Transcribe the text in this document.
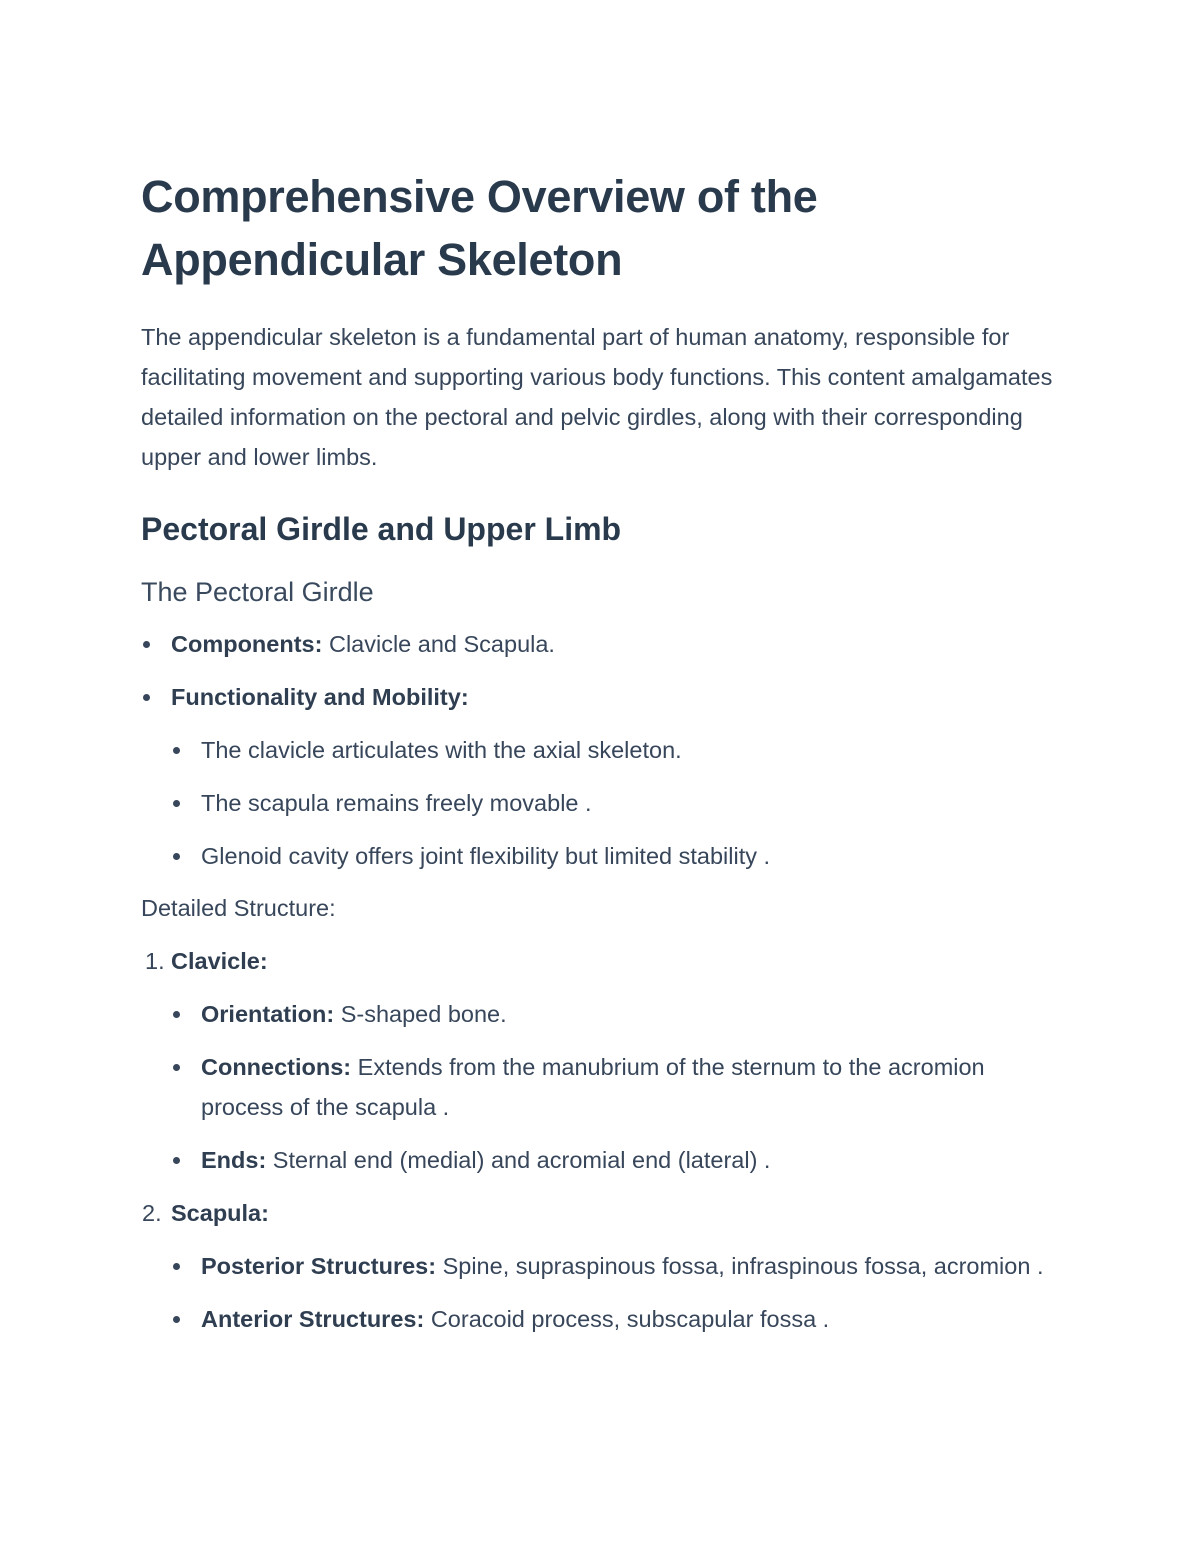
Comprehensive Overview of the Appendicular Skeleton

The appendicular skeleton is a fundamental part of human anatomy, responsible for facilitating movement and supporting various body functions. This content amalgamates detailed information on the pectoral and pelvic girdles, along with their corresponding upper and lower limbs.

Pectoral Girdle and Upper Limb
The Pectoral Girdle
Components: Clavicle and Scapula.
Functionality and Mobility:
The clavicle articulates with the axial skeleton.
The scapula remains freely movable .
Glenoid cavity offers joint flexibility but limited stability .
Detailed Structure:
1. Clavicle:
Orientation: S-shaped bone.
Connections: Extends from the manubrium of the sternum to the acromion process of the scapula .
Ends: Sternal end (medial) and acromial end (lateral) .
2. Scapula:
Posterior Structures: Spine, supraspinous fossa, infraspinous fossa, acromion .
Anterior Structures: Coracoid process, subscapular fossa .
